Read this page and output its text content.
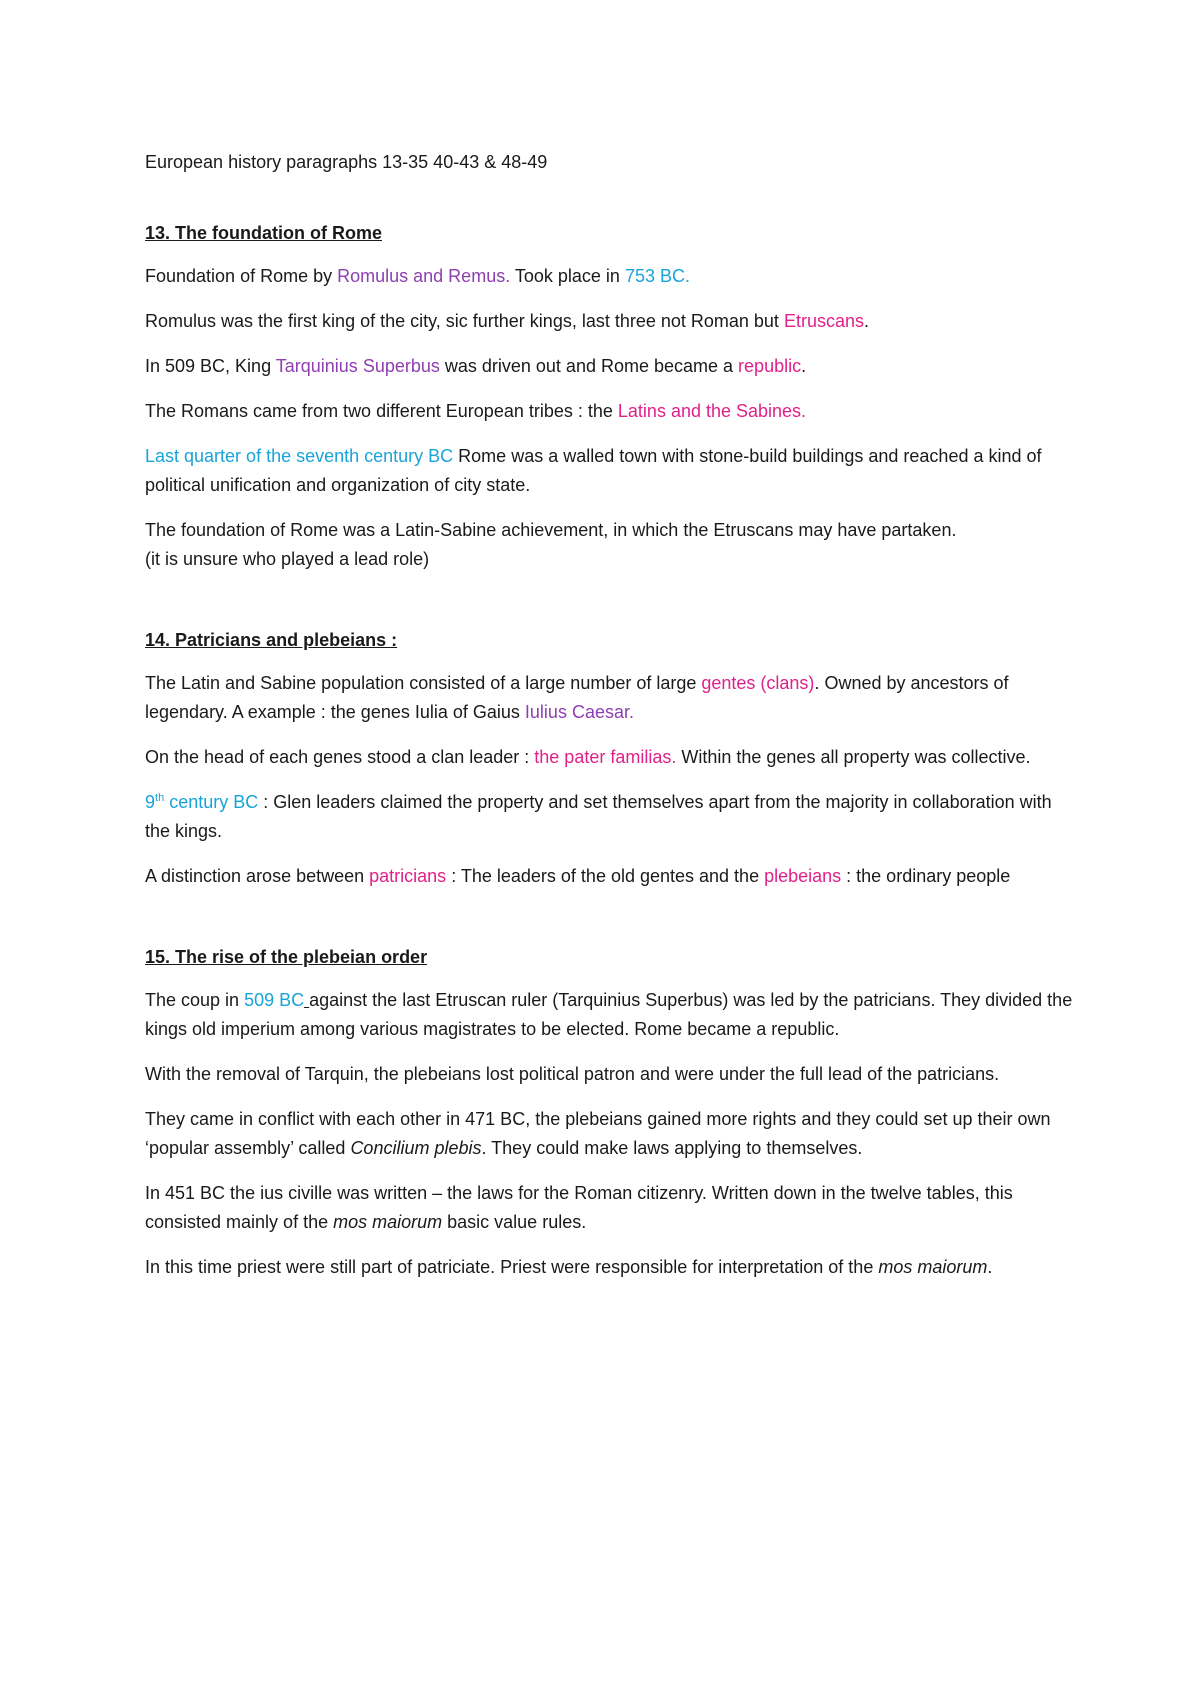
European history paragraphs 13-35 40-43 & 48-49
13. The foundation of Rome

Foundation of Rome by Romulus and Remus. Took place in 753 BC.

Romulus was the first king of the city, sic further kings, last three not Roman but Etruscans.

In 509 BC, King Tarquinius Superbus was driven out and Rome became a republic.

The Romans came from two different European tribes : the Latins and the Sabines.

Last quarter of the seventh century BC Rome was a walled town with stone-build buildings and reached a kind of political unification and organization of city state.

The foundation of Rome was a Latin-Sabine achievement, in which the Etruscans may have partaken.
(it is unsure who played a lead role)

14. Patricians and plebeians :

The Latin and Sabine population consisted of a large number of large gentes (clans). Owned by ancestors of legendary. A example : the genes Iulia of Gaius Iulius Caesar.

On the head of each genes stood a clan leader : the pater familias. Within the genes all property was collective.

9th century BC : Glen leaders claimed the property and set themselves apart from the majority in collaboration with the kings.

A distinction arose between patricians : The leaders of the old gentes and the plebeians : the ordinary people

15. The rise of the plebeian order

The coup in 509 BC against the last Etruscan ruler (Tarquinius Superbus) was led by the patricians. They divided the kings old imperium among various magistrates to be elected. Rome became a republic.

With the removal of Tarquin, the plebeians lost political patron and were under the full lead of the patricians.

They came in conflict with each other in 471 BC, the plebeians gained more rights and they could set up their own ‘popular assembly’ called Concilium plebis. They could make laws applying to themselves.

In 451 BC the ius civille was written – the laws for the Roman citizenry. Written down in the twelve tables, this consisted mainly of the mos maiorum basic value rules.

In this time priest were still part of patriciate. Priest were responsible for interpretation of the mos maiorum.
